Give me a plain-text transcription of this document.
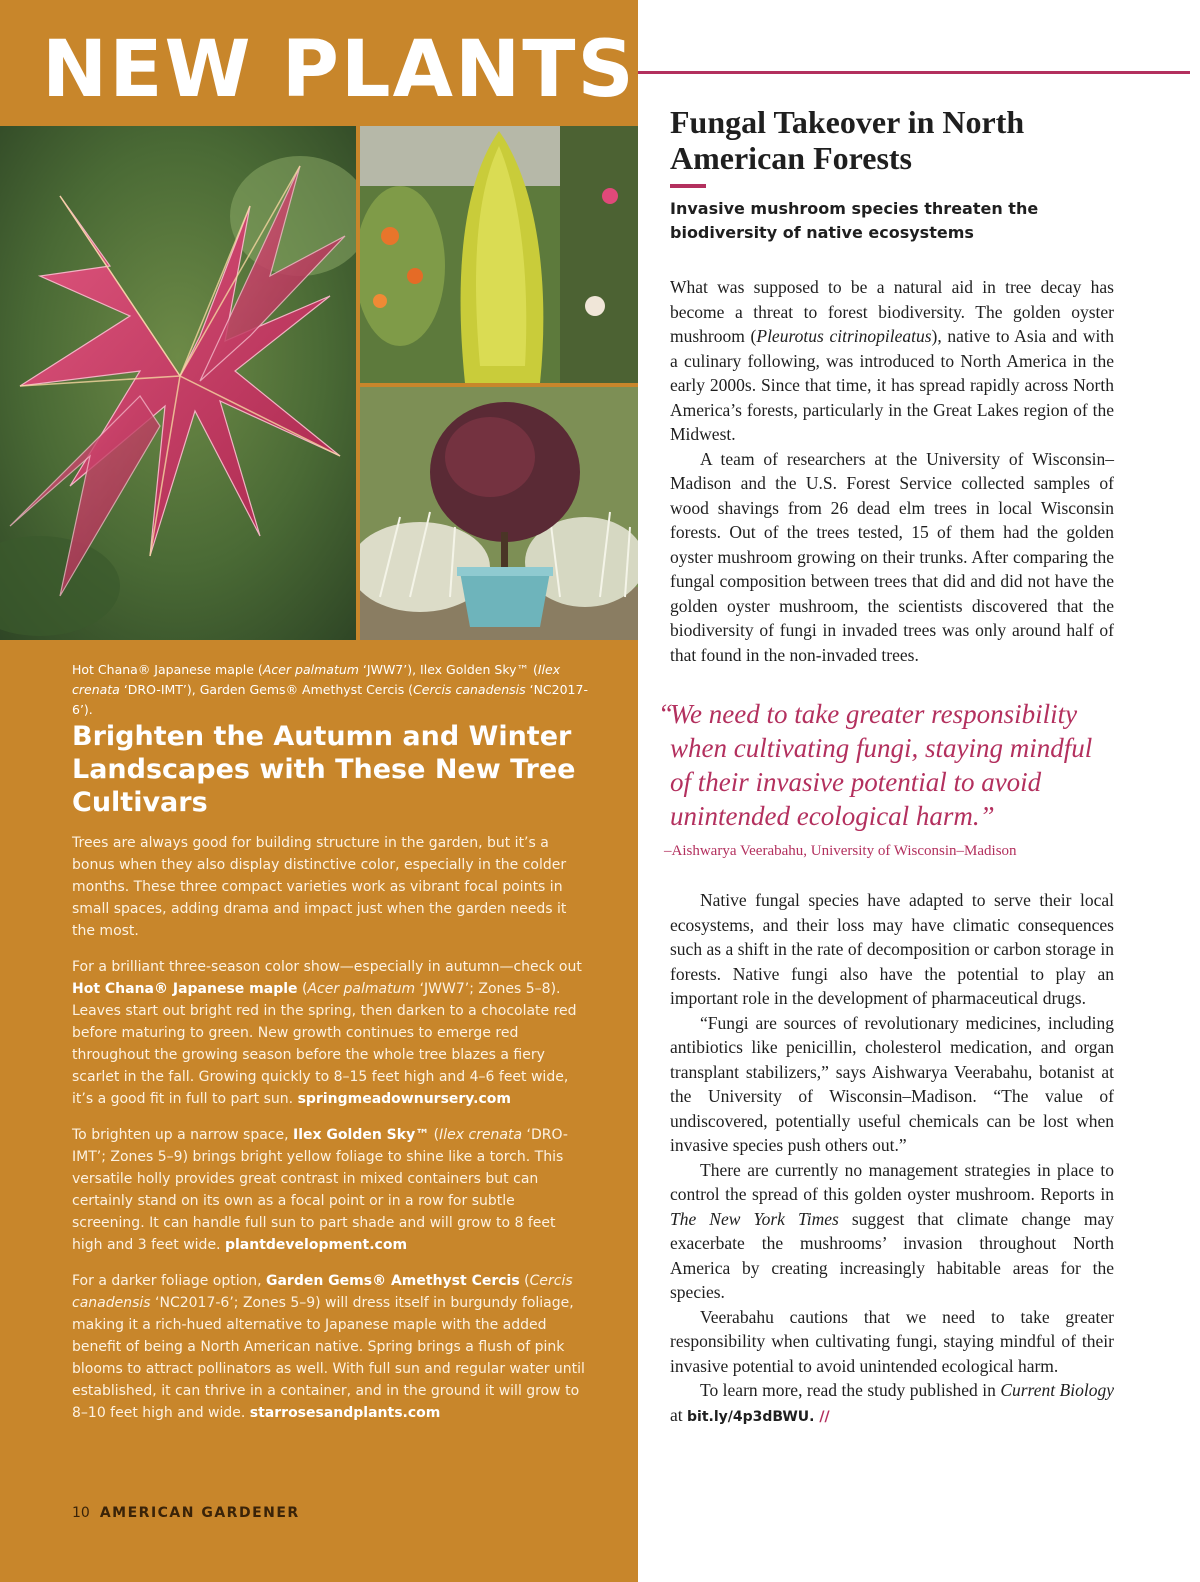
NEW PLANTS

Hot Chana® Japanese maple (Acer palmatum ‘JWW7’), Ilex Golden Sky™ (Ilex crenata ‘DRO-IMT’), Garden Gems® Amethyst Cercis (Cercis canadensis ‘NC2017-6’).

Brighten the Autumn and Winter Landscapes with These New Tree Cultivars

Trees are always good for building structure in the garden, but it’s a bonus when they also display distinctive color, especially in the colder months. These three compact varieties work as vibrant focal points in small spaces, adding drama and impact just when the garden needs it the most.

For a brilliant three-season color show—especially in autumn—check out Hot Chana® Japanese maple (Acer palmatum ‘JWW7’; Zones 5–8). Leaves start out bright red in the spring, then darken to a chocolate red before maturing to green. New growth continues to emerge red throughout the growing season before the whole tree blazes a fiery scarlet in the fall. Growing quickly to 8–15 feet high and 4–6 feet wide, it’s a good fit in full to part sun. springmeadownursery.com

To brighten up a narrow space, Ilex Golden Sky™ (Ilex crenata ‘DRO-IMT’; Zones 5–9) brings bright yellow foliage to shine like a torch. This versatile holly provides great contrast in mixed containers but can certainly stand on its own as a focal point or in a row for subtle screening. It can handle full sun to part shade and will grow to 8 feet high and 3 feet wide. plantdevelopment.com

For a darker foliage option, Garden Gems® Amethyst Cercis (Cercis canadensis ‘NC2017-6’; Zones 5–9) will dress itself in burgundy foliage, making it a rich-hued alternative to Japanese maple with the added benefit of being a North American native. Spring brings a flush of pink blooms to attract pollinators as well. With full sun and regular water until established, it can thrive in a container, and in the ground it will grow to 8–10 feet high and wide. starrosesandplants.com

10 AMERICAN GARDENER

Fungal Takeover in North American Forests

Invasive mushroom species threaten the biodiversity of native ecosystems

What was supposed to be a natural aid in tree decay has become a threat to forest biodiversity. The golden oyster mushroom (Pleurotus citrinopileatus), native to Asia and with a culinary following, was introduced to North America in the early 2000s. Since that time, it has spread rapidly across North America’s forests, particularly in the Great Lakes region of the Midwest.

A team of researchers at the University of Wisconsin–Madison and the U.S. Forest Service collected samples of wood shavings from 26 dead elm trees in local Wisconsin forests. Out of the trees tested, 15 of them had the golden oyster mushroom growing on their trunks. After comparing the fungal composition between trees that did and did not have the golden oyster mushroom, the scientists discovered that the biodiversity of fungi in invaded trees was only around half of that found in the non-invaded trees.

“
We need to take greater responsibility when cultivating fungi, staying mindful of their invasive potential to avoid unintended ecological harm.”

–Aishwarya Veerabahu, University of Wisconsin–Madison

Native fungal species have adapted to serve their local ecosystems, and their loss may have climatic consequences such as a shift in the rate of decomposition or carbon storage in forests. Native fungi also have the potential to play an important role in the development of pharmaceutical drugs.

“Fungi are sources of revolutionary medicines, including antibiotics like penicillin, cholesterol medication, and organ transplant stabilizers,” says Aishwarya Veerabahu, botanist at the University of Wisconsin–Madison. “The value of undiscovered, potentially useful chemicals can be lost when invasive species push others out.”

There are currently no management strategies in place to control the spread of this golden oyster mushroom. Reports in The New York Times suggest that climate change may exacerbate the mushrooms’ invasion throughout North America by creating increasingly habitable areas for the species.

Veerabahu cautions that we need to take greater responsibility when cultivating fungi, staying mindful of their invasive potential to avoid unintended ecological harm.

To learn more, read the study published in Current Biology at bit.ly/4p3dBWU. //
